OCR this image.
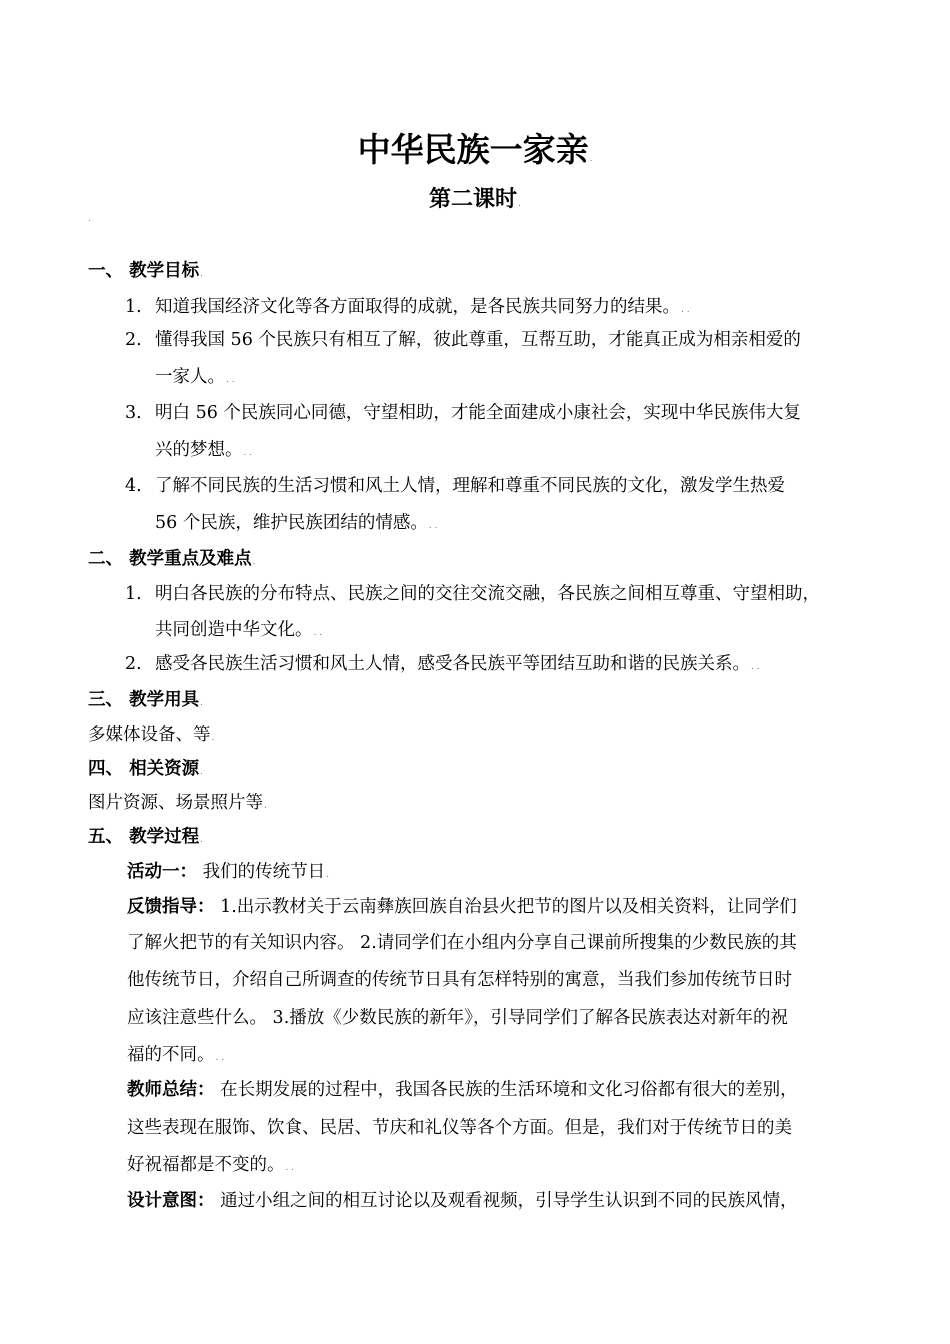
中华民族一家亲.
第二课时.
.
一、 教学目标.
1. 知道我国经济文化等各方面取得的成就，是各民族共同努力的结果。. .
2. 懂得我国 56 个民族只有相互了解，彼此尊重，互帮互助，才能真正成为相亲相爱的
一家人。. .
3. 明白 56 个民族同心同德，守望相助，才能全面建成小康社会，实现中华民族伟大复
兴的梦想。. .
4. 了解不同民族的生活习惯和风土人情，理解和尊重不同民族的文化，激发学生热爱
56 个民族，维护民族团结的情感。. .
二、 教学重点及难点.
1. 明白各民族的分布特点、民族之间的交往交流交融，各民族之间相互尊重、守望相助，
共同创造中华文化。. .
2. 感受各民族生活习惯和风土人情，感受各民族平等团结互助和谐的民族关系。. .
三、 教学用具.
多媒体设备、等.
四、 相关资源.
图片资源、场景照片等.
五、 教学过程.
活动一： 我们的传统节日.
反馈指导： 1.出示教材关于云南彝族回族自治县火把节的图片以及相关资料，让同学们
了解火把节的有关知识内容。 2.请同学们在小组内分享自己课前所搜集的少数民族的其
他传统节日，介绍自己所调查的传统节日具有怎样特别的寓意，当我们参加传统节日时
应该注意些什么。 3.播放《少数民族的新年》，引导同学们了解各民族表达对新年的祝
福的不同。. .
教师总结： 在长期发展的过程中，我国各民族的生活环境和文化习俗都有很大的差别，
这些表现在服饰、饮食、民居、节庆和礼仪等各个方面。但是，我们对于传统节日的美
好祝福都是不变的。. .
设计意图： 通过小组之间的相互讨论以及观看视频，引导学生认识到不同的民族风情，
